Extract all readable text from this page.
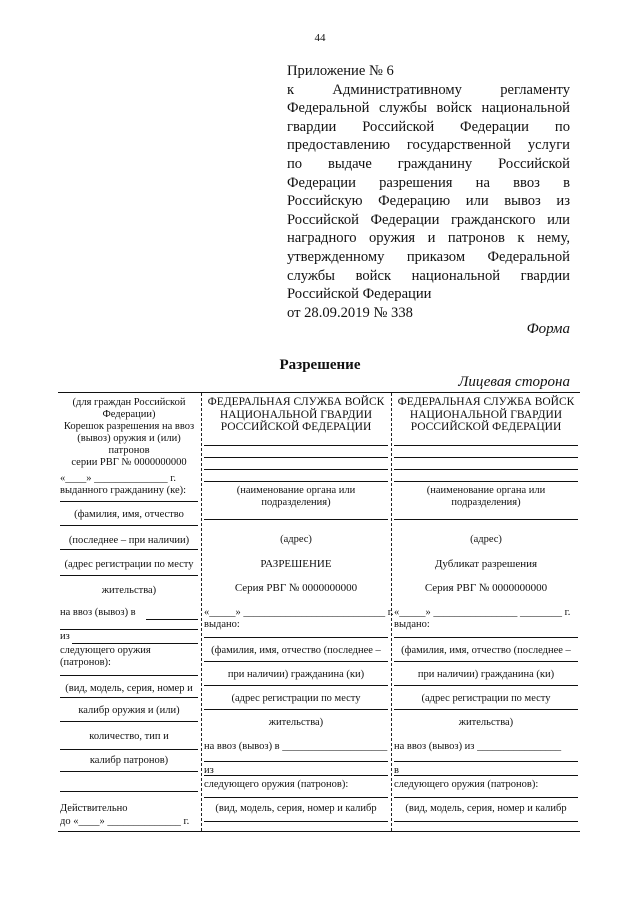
44
Приложение № 6
к Административному регламенту
Федеральной службы войск национальной
гвардии Российской Федерации по
предоставлению государственной услуги
по выдаче гражданину Российской
Федерации разрешения на ввоз в
Российскую Федерацию или вывоз из
Российской Федерации гражданского или
наградного оружия и патронов к нему,
утвержденному приказом Федеральной
службы войск национальной гвардии
Российской Федерации
от 28.09.2019 № 338
Форма
Разрешение
Лицевая сторона
(для граждан Российской
Федерации)
Корешок разрешения на ввоз
(вывоз) оружия и (или)
патронов
серии РВГ № 0000000000
«____» ______________ г.
выданного гражданину (ке):
(фамилия, имя, отчество
(последнее – при наличии)
(адрес регистрации по месту
жительства)
на ввоз (вывоз) в
из
следующего оружия
(патронов):
(вид, модель, серия, номер и
калибр оружия и (или)
количество, тип и
калибр патронов)
Действительно
до «____» ______________ г.
ФЕДЕРАЛЬНАЯ СЛУЖБА ВОЙСК НАЦИОНАЛЬНОЙ ГВАРДИИ РОССИЙСКОЙ ФЕДЕРАЦИИ
(наименование органа или
подразделения)
(адрес)
РАЗРЕШЕНИЕ
Серия РВГ № 0000000000
«_____» ___________________________ г.
выдано:
(фамилия, имя, отчество (последнее –
при наличии) гражданина (ки)
(адрес регистрации по месту
жительства)
на ввоз (вывоз) в ____________________
из
следующего оружия (патронов):
(вид, модель, серия, номер и калибр
ФЕДЕРАЛЬНАЯ СЛУЖБА ВОЙСК НАЦИОНАЛЬНОЙ ГВАРДИИ РОССИЙСКОЙ ФЕДЕРАЦИИ
(наименование органа или
подразделения)
(адрес)
Дубликат разрешения
Серия РВГ № 0000000000
«_____» ________________ ________ г.
выдано:
(фамилия, имя, отчество (последнее –
при наличии) гражданина (ки)
(адрес регистрации по месту
жительства)
на ввоз (вывоз) из ________________
в
следующего оружия (патронов):
(вид, модель, серия, номер и калибр
